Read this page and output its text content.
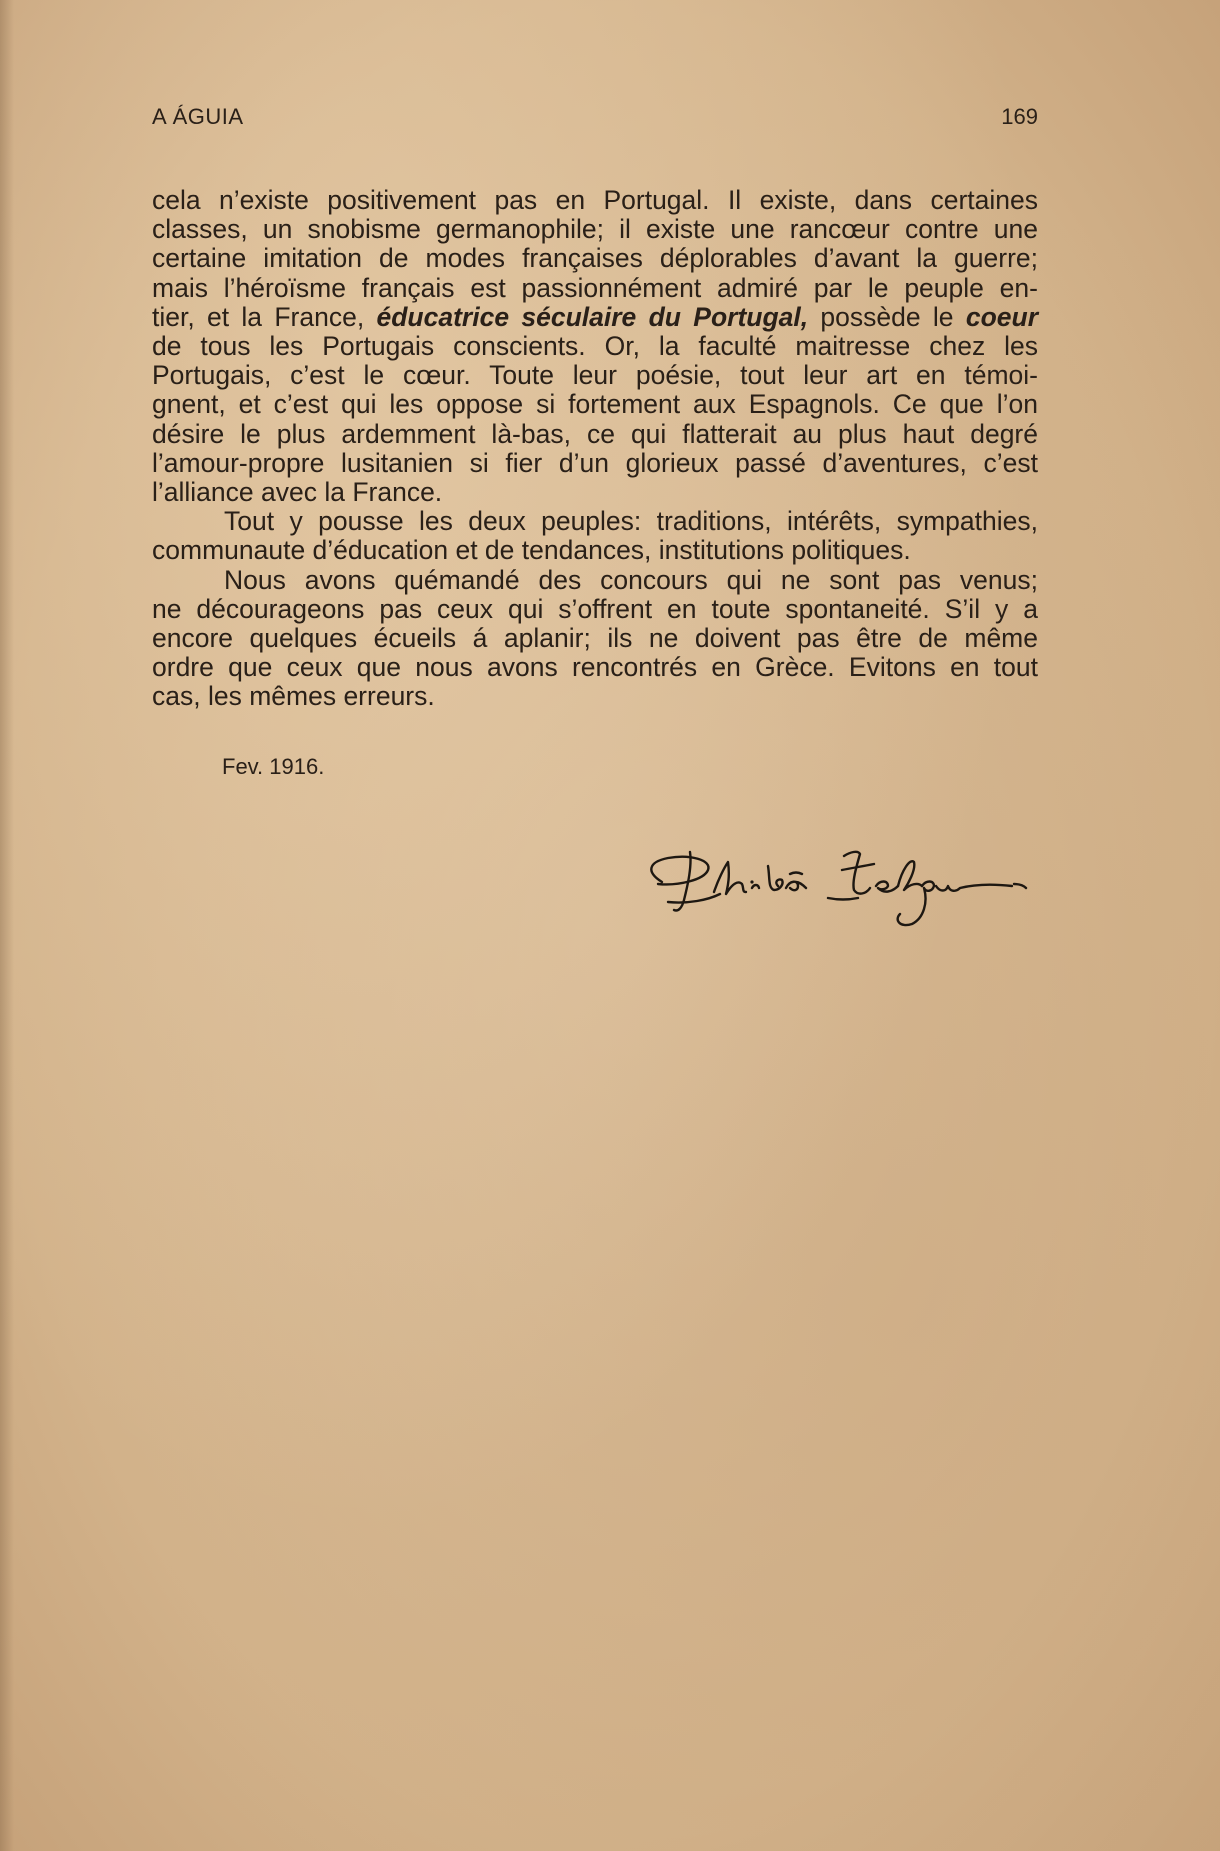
A ÁGUIA	169

cela n’existe positivement pas en Portugal. Il existe, dans certaines
classes, un snobisme germanophile; il existe une rancœur contre une
certaine imitation de modes françaises déplorables d’avant la guerre;
mais l’héroïsme français est passionnément admiré par le peuple en-
tier, et la France, éducatrice séculaire du Portugal, possède le coeur
de tous les Portugais conscients. Or, la faculté maitresse chez les
Portugais, c’est le cœur. Toute leur poésie, tout leur art en témoi-
gnent, et c’est qui les oppose si fortement aux Espagnols. Ce que l’on
désire le plus ardemment là-bas, ce qui flatterait au plus haut degré
l’amour-propre lusitanien si fier d’un glorieux passé d’aventures, c’est
l’alliance avec la France.

Tout y pousse les deux peuples: traditions, intérêts, sympathies,
communaute d’éducation et de tendances, institutions politiques.

Nous avons quémandé des concours qui ne sont pas venus;
ne décourageons pas ceux qui s’offrent en toute spontaneité. S’il y a
encore quelques écueils á aplanir; ils ne doivent pas être de même
ordre que ceux que nous avons rencontrés en Grèce. Evitons en tout
cas, les mêmes erreurs.

Fev. 1916.
